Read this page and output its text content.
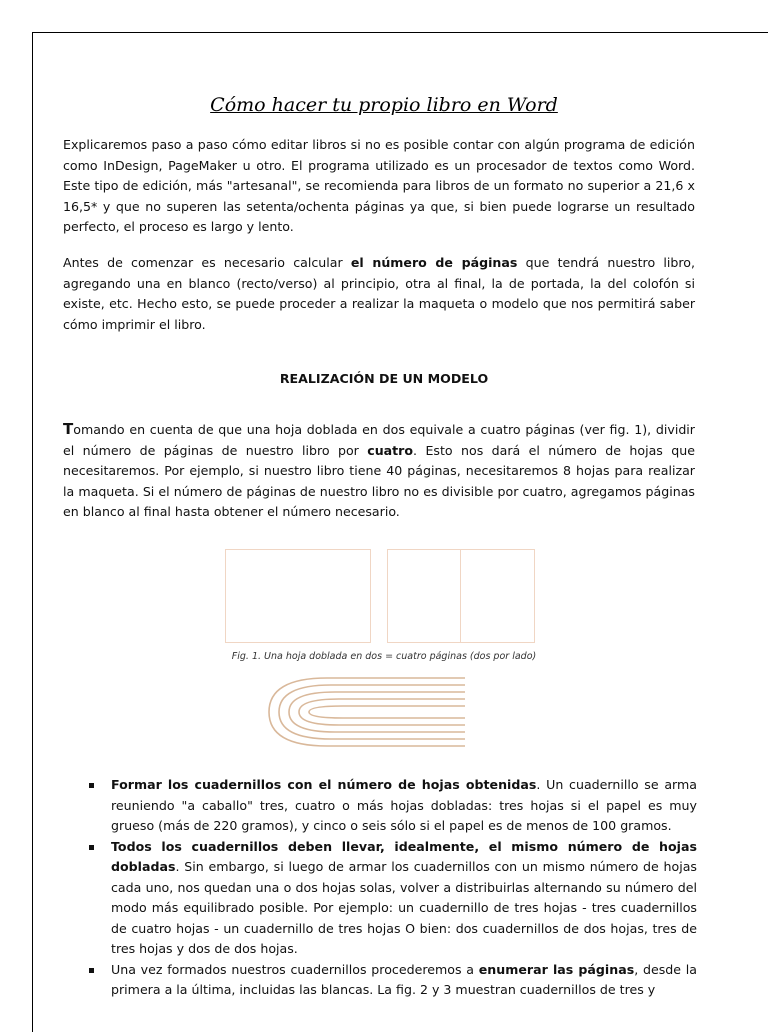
Cómo hacer tu propio libro en Word

Explicaremos paso a paso cómo editar libros si no es posible contar con algún programa de edición como InDesign, PageMaker u otro. El programa utilizado es un procesador de textos como Word. Este tipo de edición, más "artesanal", se recomienda para libros de un formato no superior a 21,6 x 16,5* y que no superen las setenta/ochenta páginas ya que, si bien puede lograrse un resultado perfecto, el proceso es largo y lento.

Antes de comenzar es necesario calcular el número de páginas que tendrá nuestro libro, agregando una en blanco (recto/verso) al principio, otra al final, la de portada, la del colofón si existe, etc. Hecho esto, se puede proceder a realizar la maqueta o modelo que nos permitirá saber cómo imprimir el libro.

REALIZACIÓN DE UN MODELO

Tomando en cuenta de que una hoja doblada en dos equivale a cuatro páginas (ver fig. 1), dividir el número de páginas de nuestro libro por cuatro. Esto nos dará el número de hojas que necesitaremos. Por ejemplo, si nuestro libro tiene 40 páginas, necesitaremos 8 hojas para realizar la maqueta. Si el número de páginas de nuestro libro no es divisible por cuatro, agregamos páginas en blanco al final hasta obtener el número necesario.

Fig. 1. Una hoja doblada en dos = cuatro páginas (dos por lado)

Formar los cuadernillos con el número de hojas obtenidas. Un cuadernillo se arma reuniendo "a caballo" tres, cuatro o más hojas dobladas: tres hojas si el papel es muy grueso (más de 220 gramos), y cinco o seis sólo si el papel es de menos de 100 gramos.
Todos los cuadernillos deben llevar, idealmente, el mismo número de hojas dobladas. Sin embargo, si luego de armar los cuadernillos con un mismo número de hojas cada uno, nos quedan una o dos hojas solas, volver a distribuirlas alternando su número del modo más equilibrado posible. Por ejemplo: un cuadernillo de tres hojas - tres cuadernillos de cuatro hojas - un cuadernillo de tres hojas O bien: dos cuadernillos de dos hojas, tres de tres hojas y dos de dos hojas.
Una vez formados nuestros cuadernillos procederemos a enumerar las páginas, desde la primera a la última, incluidas las blancas. La fig. 2 y 3 muestran cuadernillos de tres y
